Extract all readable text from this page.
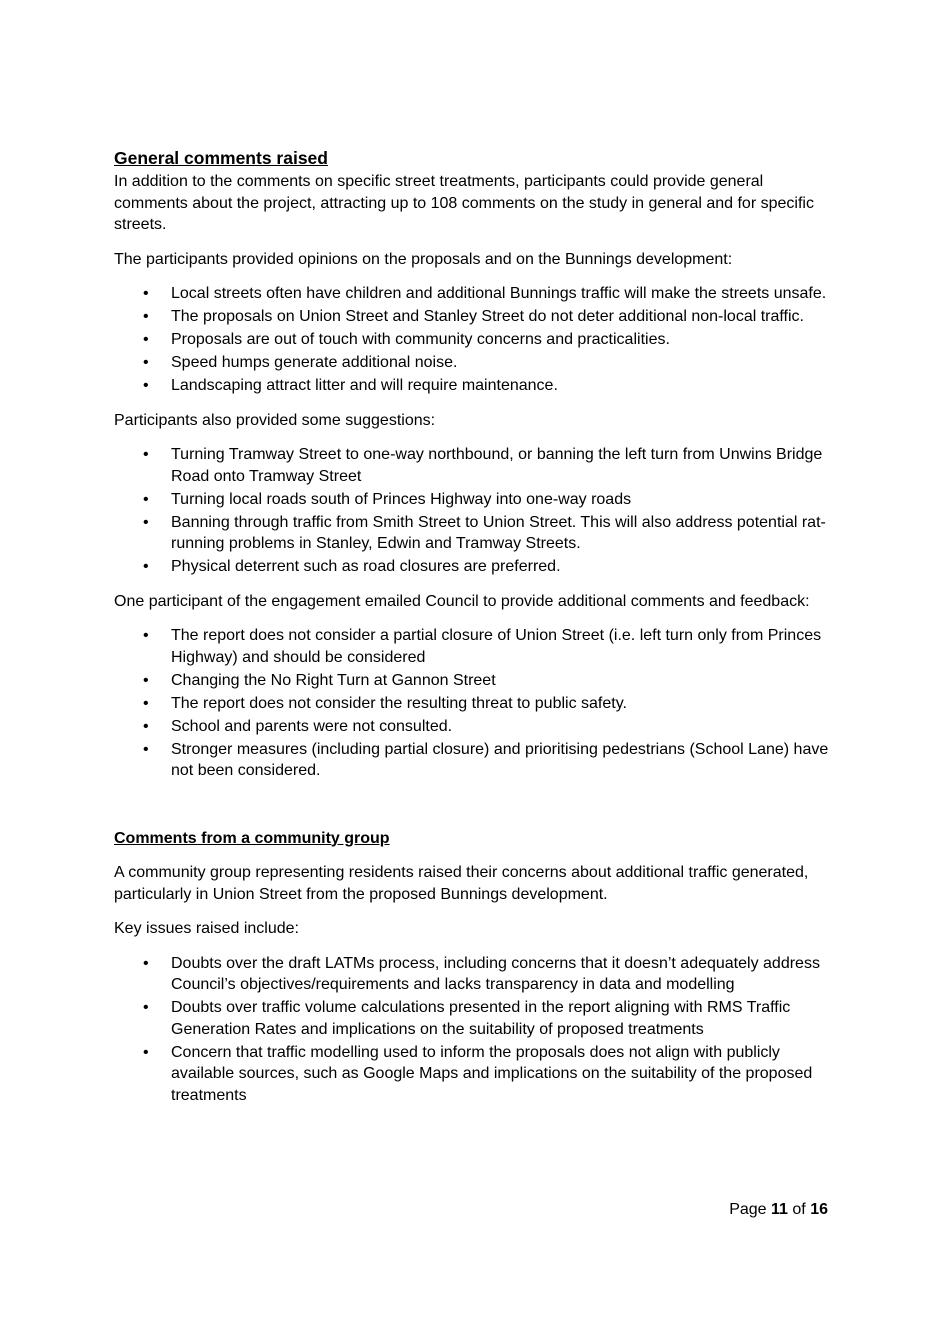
General comments raised

In addition to the comments on specific street treatments, participants could provide general comments about the project, attracting up to 108 comments on the study in general and for specific streets.

The participants provided opinions on the proposals and on the Bunnings development:

• Local streets often have children and additional Bunnings traffic will make the streets unsafe.
• The proposals on Union Street and Stanley Street do not deter additional non-local traffic.
• Proposals are out of touch with community concerns and practicalities.
• Speed humps generate additional noise.
• Landscaping attract litter and will require maintenance.

Participants also provided some suggestions:

• Turning Tramway Street to one-way northbound, or banning the left turn from Unwins Bridge Road onto Tramway Street
• Turning local roads south of Princes Highway into one-way roads
• Banning through traffic from Smith Street to Union Street. This will also address potential rat-running problems in Stanley, Edwin and Tramway Streets.
• Physical deterrent such as road closures are preferred.

One participant of the engagement emailed Council to provide additional comments and feedback:

• The report does not consider a partial closure of Union Street (i.e. left turn only from Princes Highway) and should be considered
• Changing the No Right Turn at Gannon Street
• The report does not consider the resulting threat to public safety.
• School and parents were not consulted.
• Stronger measures (including partial closure) and prioritising pedestrians (School Lane) have not been considered.
Comments from a community group

A community group representing residents raised their concerns about additional traffic generated, particularly in Union Street from the proposed Bunnings development.

Key issues raised include:

• Doubts over the draft LATMs process, including concerns that it doesn’t adequately address Council’s objectives/requirements and lacks transparency in data and modelling
• Doubts over traffic volume calculations presented in the report aligning with RMS Traffic Generation Rates and implications on the suitability of proposed treatments
• Concern that traffic modelling used to inform the proposals does not align with publicly available sources, such as Google Maps and implications on the suitability of the proposed treatments
Page 11 of 16
